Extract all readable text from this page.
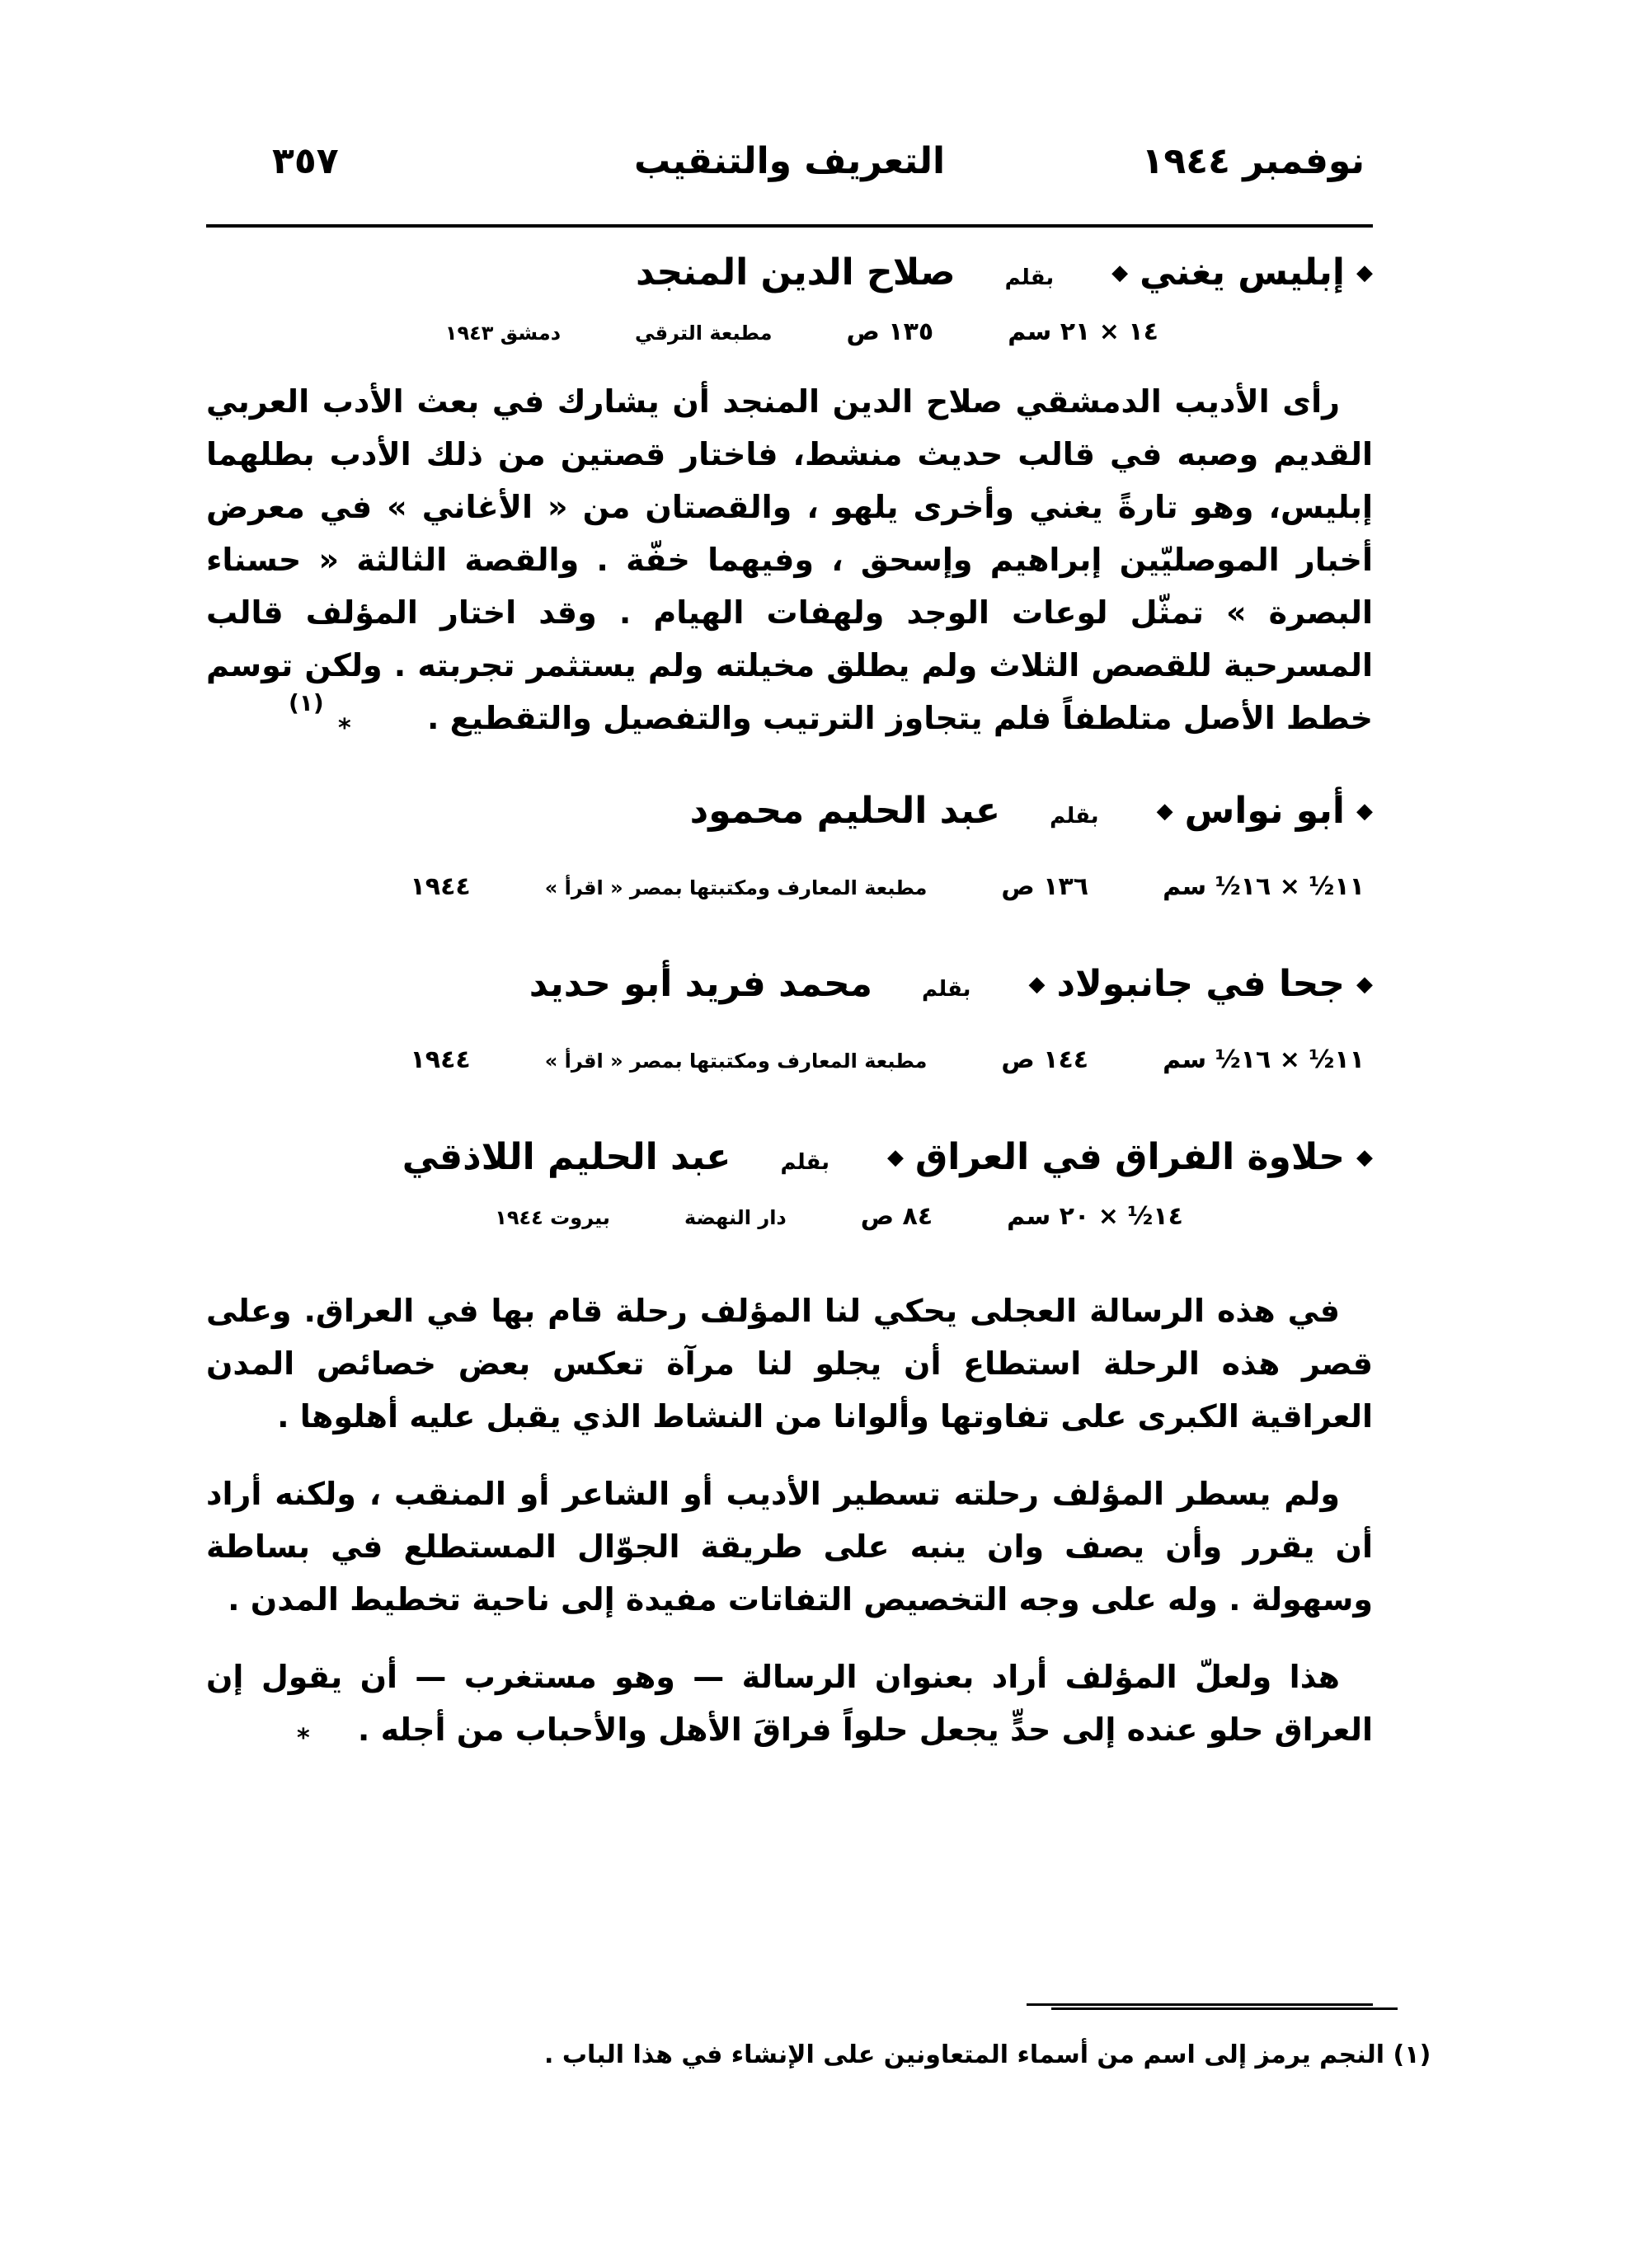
نوفمبر ١٩٤٤
التعريف والتنقيب
٣٥٧
◆
إبليس يغني
◆
بقلم
صلاح الدين المنجد
١٤ × ٢١ سم
١٣٥ ص
مطبعة الترقي
دمشق ١٩٤٣

رأى الأديب الدمشقي صلاح الدين المنجد أن يشارك في بعث الأدب العربي القديم وصبه في قالب حديث منشط، فاختار قصتين من ذلك الأدب بطلهما إبليس، وهو تارةً يغني وأخرى يلهو ، والقصتان من « الأغاني » في معرض أخبار الموصليّين إبراهيم وإسحق ، وفيهما خفّة . والقصة الثالثة « حسناء البصرة » تمثّل لوعات الوجد ولهفات الهيام . وقد اختار المؤلف قالب المسرحية للقصص الثلاث ولم يطلق مخيلته ولم يستثمر تجربته . ولكن توسم خطط الأصل متلطفاً فلم يتجاوز الترتيب والتفصيل والتقطيع .

(١)
*
◆
أبو نواس
◆
بقلم
عبد الحليم محمود
١١½ × ١٦½ سم
١٣٦ ص
مطبعة المعارف ومكتبتها بمصر « اقرأ »
١٩٤٤
◆
جحا في جانبولاد
◆
بقلم
محمد فريد أبو حديد
١١½ × ١٦½ سم
١٤٤ ص
مطبعة المعارف ومكتبتها بمصر « اقرأ »
١٩٤٤
◆
حلاوة الفراق في العراق
◆
بقلم
عبد الحليم اللاذقي
١٤½ × ٢٠ سم
٨٤ ص
دار النهضة
بيروت ١٩٤٤

في هذه الرسالة العجلى يحكي لنا المؤلف رحلة قام بها في العراق. وعلى قصر هذه الرحلة استطاع أن يجلو لنا مرآة تعكس بعض خصائص المدن العراقية الكبرى على تفاوتها وألوانا من النشاط الذي يقبل عليه أهلوها .

ولم يسطر المؤلف رحلته تسطير الأديب أو الشاعر أو المنقب ، ولكنه أراد أن يقرر وأن يصف وان ينبه على طريقة الجوّال المستطلع في بساطة وسهولة . وله على وجه التخصيص التفاتات مفيدة إلى ناحية تخطيط المدن .

هذا ولعلّ المؤلف أراد بعنوان الرسالة — وهو مستغرب — أن يقول إن العراق حلو عنده إلى حدٍّ يجعل حلواً فراقَ الأهل والأحباب من أجله .

*
(١) النجم يرمز إلى اسم من أسماء المتعاونين على الإنشاء في هذا الباب .
